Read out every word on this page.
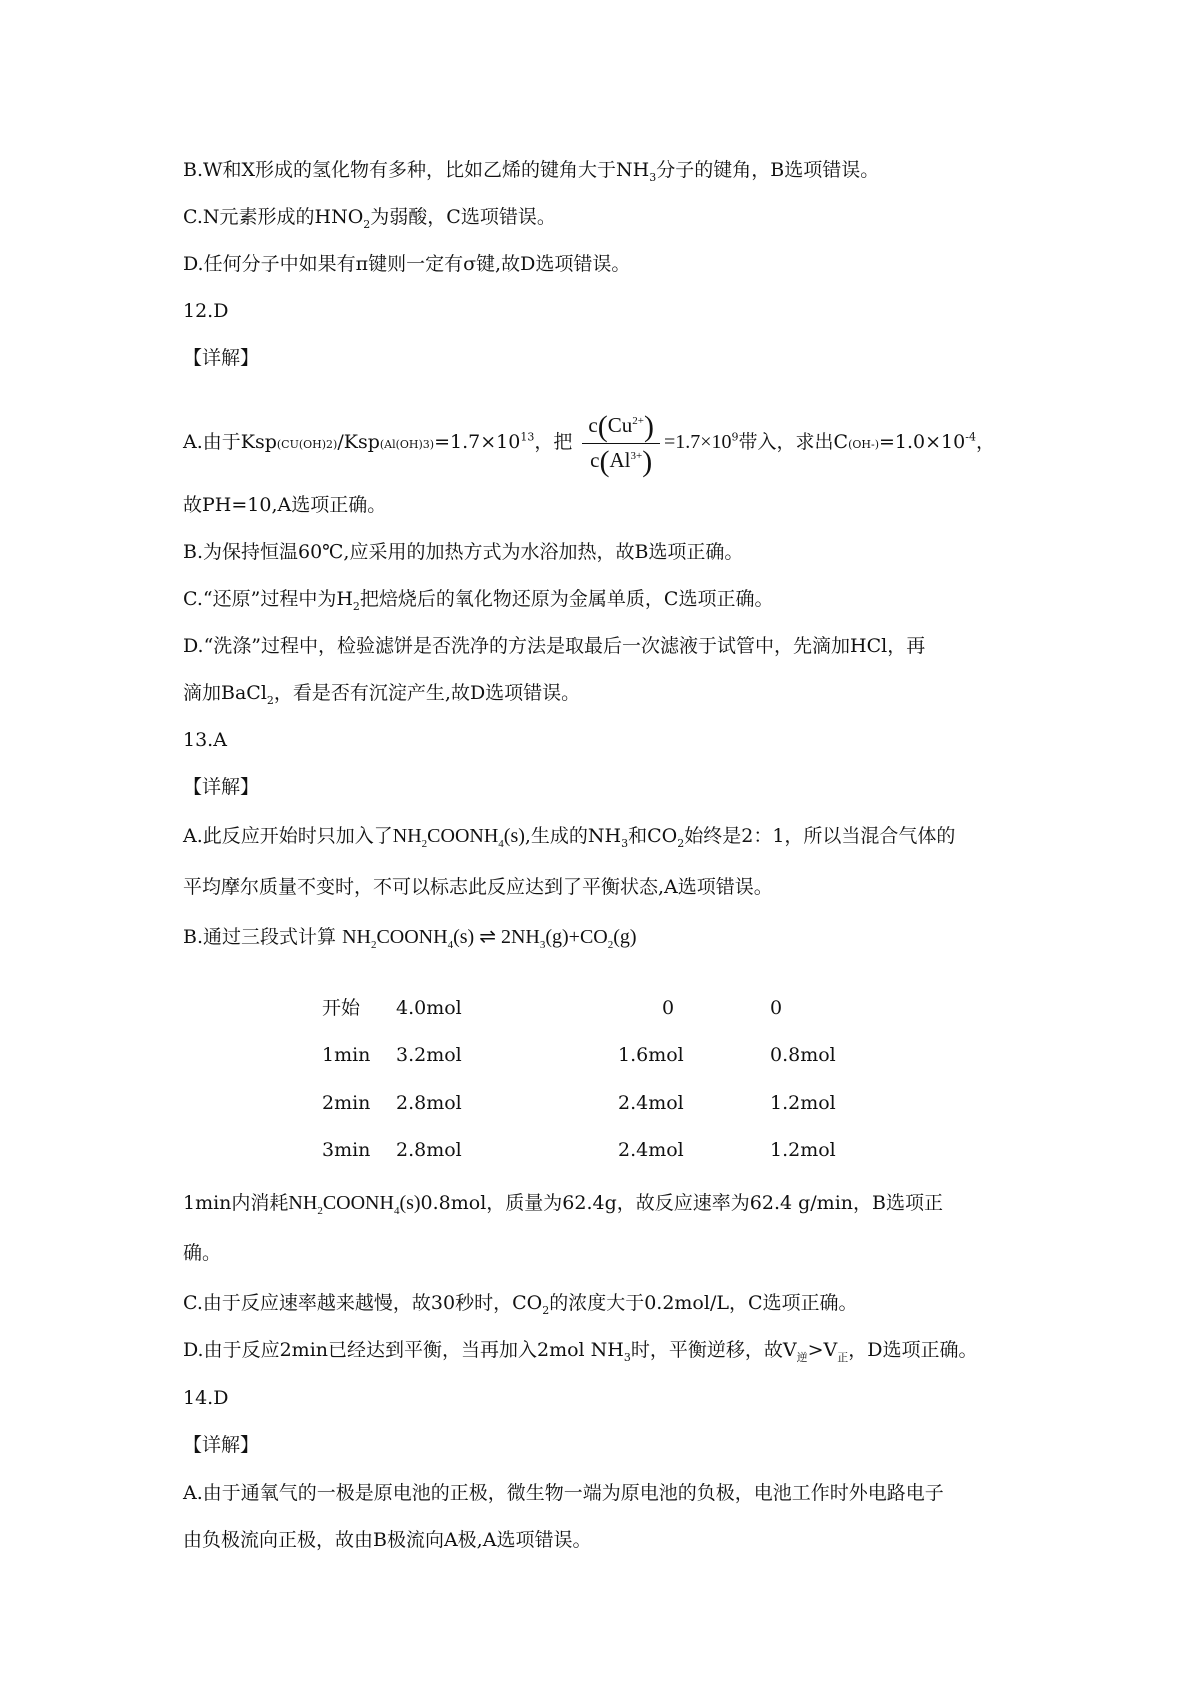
B.W和X形成的氢化物有多种，比如乙烯的键角大于$NH_3$分子的键角，B选项错误。
C.N元素形成的$HNO_2$为弱酸，C选项错误。
D.任何分子中如果有π键则一定有σ键,故D选项错误。
12.D
【详解】
A.由于$Ksp(CU(OH)2)/Ksp(Al(OH)3)=1.7\times 10^{13}$，把 $\frac{c(Cu^{2+})}{c(Al^{3+})} =1.7\times 10^9$带入，求出$C(OH-)=1.0\times 10^{-4}$，
故PH=10,A选项正确。
B.为保持恒温60℃,应采用的加热方式为水浴加热，故B选项正确。
C.“还原”过程中为$H_2$把焙烧后的氧化物还原为金属单质，C选项正确。
D.“洗涤”过程中，检验滤饼是否洗净的方法是取最后一次滤液于试管中，先滴加HCl，再
滴加BaCl$_2$，看是否有沉淀产生,故D选项错误。
13.A
【详解】
A.此反应开始时只加入了$NH_2COONH_4(s)$,生成的$NH_3$和$CO_2$始终是2：1，所以当混合气体的
平均摩尔质量不变时，不可以标志此反应达到了平衡状态,A选项错误。
B.通过三段式计算 $NH_2COONH_4(s)$ ⇌ $2NH_3(g)+CO_2(g)$
开始 4.0mol	0	0
1min 3.2mol	1.6mol	0.8mol
2min 2.8mol	2.4mol	1.2mol
3min 2.8mol	2.4mol	1.2mol
1min内消耗$NH_2COONH_4(s)0.8mol$，质量为62.4g，故反应速率为62.4 g/min，B选项正
确。
C.由于反应速率越来越慢，故30秒时，$CO_2$的浓度大于0.2mol/L，C选项正确。
D.由于反应2min已经达到平衡，当再加入2mol $NH_3$时，平衡逆移，故$V_逆>V_正$，D选项正确。
14.D
【详解】
A.由于通氧气的一极是原电池的正极，微生物一端为原电池的负极，电池工作时外电路电子
由负极流向正极，故由B极流向A极,A选项错误。
